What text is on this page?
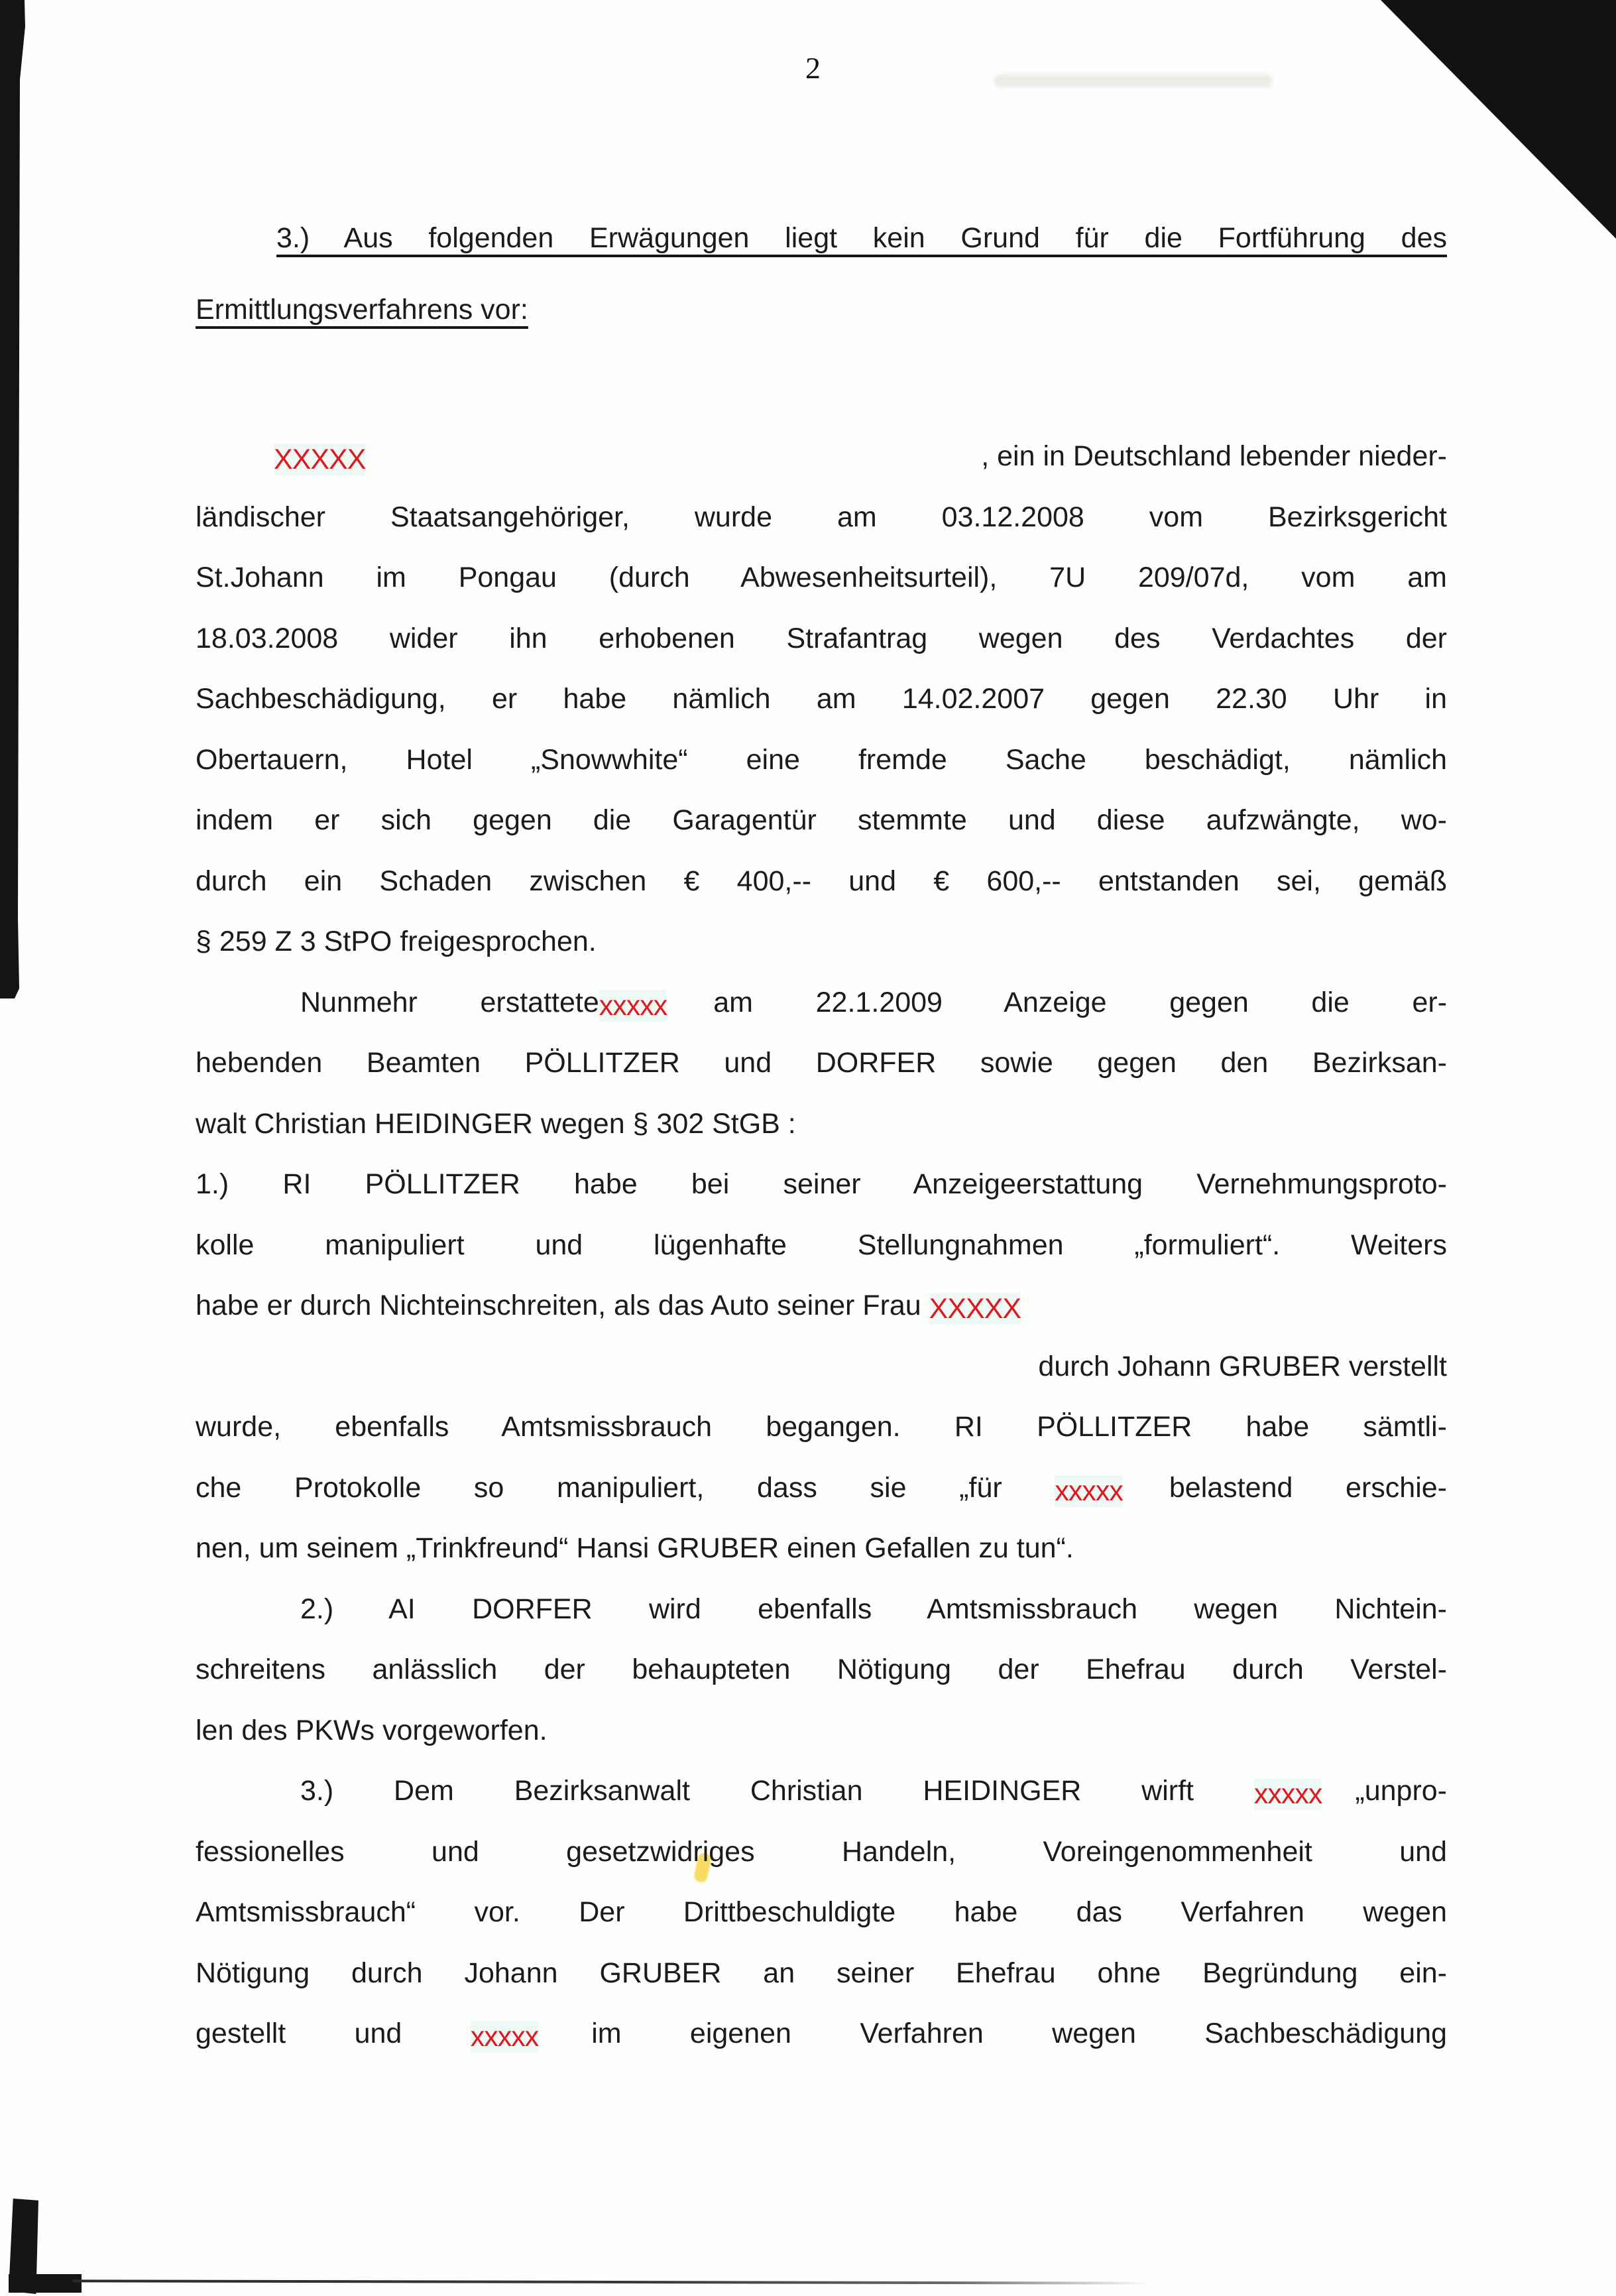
2
3.) Aus folgenden Erwägungen liegt kein Grund für die Fortführung des
Ermittlungsverfahrens vor:
XXXXX	, ein in Deutschland lebender nieder-
ländischer Staatsangehöriger, wurde am 03.12.2008 vom Bezirksgericht
St.Johann im Pongau (durch Abwesenheitsurteil), 7U 209/07d, vom am
18.03.2008 wider ihn erhobenen Strafantrag wegen des Verdachtes der
Sachbeschädigung, er habe nämlich am 14.02.2007 gegen 22.30 Uhr in
Obertauern, Hotel „Snowwhite“ eine fremde Sache beschädigt, nämlich
indem er sich gegen die Garagentür stemmte und diese aufzwängte, wo-
durch ein Schaden zwischen € 400,-- und € 600,-- entstanden sei, gemäß
§ 259 Z 3 StPO freigesprochen.
Nunmehr erstattetexxxxx am 22.1.2009 Anzeige gegen die er-
hebenden Beamten PÖLLITZER und DORFER sowie gegen den Bezirksan-
walt Christian HEIDINGER wegen § 302 StGB :
1.) RI PÖLLITZER habe bei seiner Anzeigeerstattung Vernehmungsproto-
kolle manipuliert und lügenhafte Stellungnahmen „formuliert“. Weiters
habe er durch Nichteinschreiten, als das Auto seiner Frau XXXXX
durch Johann GRUBER verstellt
wurde, ebenfalls Amtsmissbrauch begangen. RI PÖLLITZER habe sämtli-
che Protokolle so manipuliert, dass sie „für xxxxx belastend erschie-
nen, um seinem „Trinkfreund“ Hansi GRUBER einen Gefallen zu tun“.
2.) AI DORFER wird ebenfalls Amtsmissbrauch wegen Nichtein-
schreitens anlässlich der behaupteten Nötigung der Ehefrau durch Verstel-
len des PKWs vorgeworfen.
3.) Dem Bezirksanwalt Christian HEIDINGER wirft xxxxx „unpro-
fessionelles und gesetzwidriges Handeln, Voreingenommenheit und
Amtsmissbrauch“ vor. Der Drittbeschuldigte habe das Verfahren wegen
Nötigung durch Johann GRUBER an seiner Ehefrau ohne Begründung ein-
gestellt und xxxxx im eigenen Verfahren wegen Sachbeschädigung
